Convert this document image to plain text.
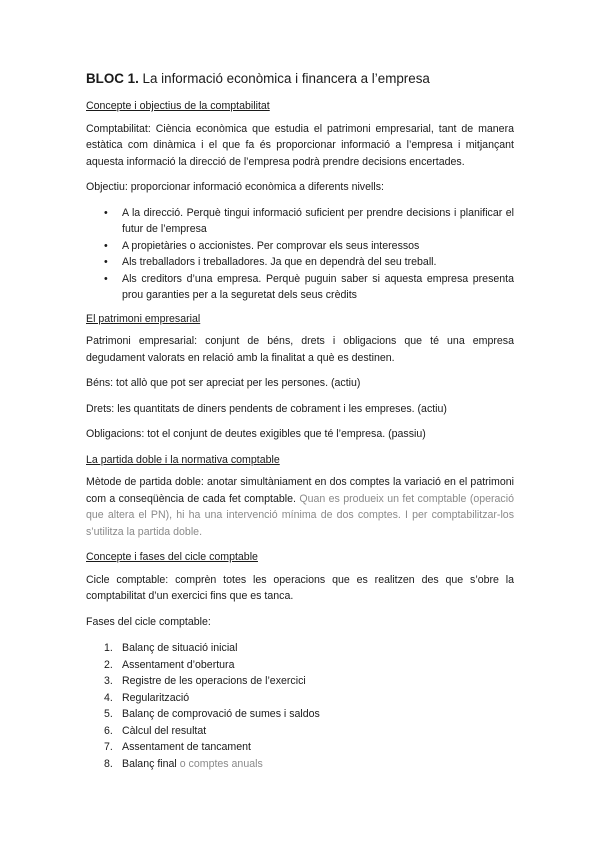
BLOC 1. La informació econòmica i financera a l’empresa
Concepte i objectius de la comptabilitat

Comptabilitat: Ciència econòmica que estudia el patrimoni empresarial, tant de manera estàtica com dinàmica i el que fa és proporcionar informació a l’empresa i mitjançant aquesta informació la direcció de l’empresa podrà prendre decisions encertades.

Objectiu: proporcionar informació econòmica a diferents nivells:

• A la direcció. Perquè tingui informació suficient per prendre decisions i planificar el futur de l’empresa
• A propietàries o accionistes. Per comprovar els seus interessos
• Als treballadors i treballadores. Ja que en dependrà del seu treball.
• Als creditors d’una empresa. Perquè puguin saber si aquesta empresa presenta prou garanties per a la seguretat dels seus crèdits
El patrimoni empresarial

Patrimoni empresarial: conjunt de béns, drets i obligacions que té una empresa degudament valorats en relació amb la finalitat a què es destinen.

Béns: tot allò que pot ser apreciat per les persones. (actiu)

Drets: les quantitats de diners pendents de cobrament i les empreses. (actiu)

Obligacions: tot el conjunt de deutes exigibles que té l’empresa. (passiu)

La partida doble i la normativa comptable

Mètode de partida doble: anotar simultàniament en dos comptes la variació en el patrimoni com a conseqüència de cada fet comptable. Quan es produeix un fet comptable (operació que altera el PN), hi ha una intervenció mínima de dos comptes. I per comptabilitzar-los s’utilitza la partida doble.

Concepte i fases del cicle comptable

Cicle comptable: comprèn totes les operacions que es realitzen des que s’obre la comptabilitat d’un exercici fins que es tanca.

Fases del cicle comptable:

1. Balanç de situació inicial
2. Assentament d’obertura
3. Registre de les operacions de l’exercici
4. Regularització
5. Balanç de comprovació de sumes i saldos
6. Càlcul del resultat
7. Assentament de tancament
8. Balanç final o comptes anuals
